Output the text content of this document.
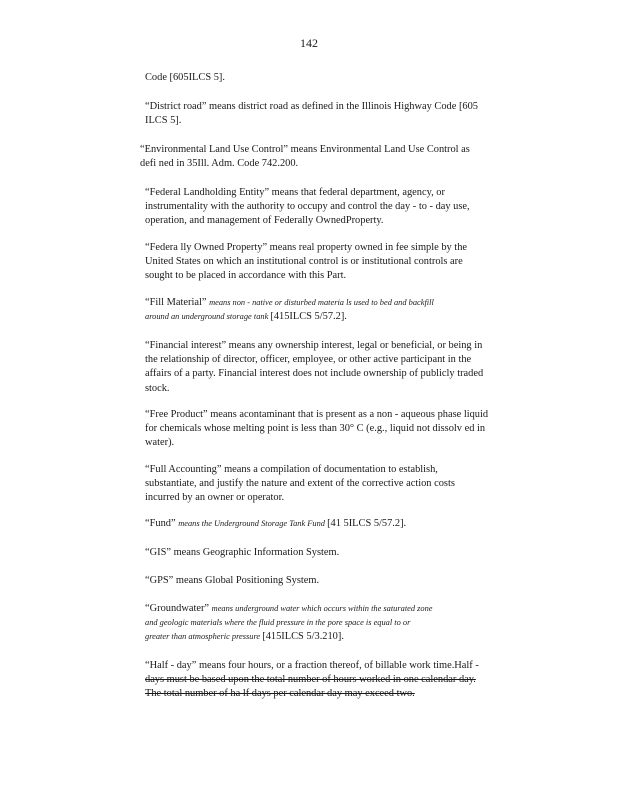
142

Code [605ILCS 5].

“District road” means district road as defined in the Illinois Highway Code [605
ILCS 5].

“Environmental Land Use Control” means Environmental Land Use Control as
defi ned in 35Ill. Adm. Code 742.200.

“Federal Landholding Entity” means that federal department, agency, or
instrumentality with the authority to occupy and control the day - to - day use,
operation, and management of Federally OwnedProperty.

“Federa lly Owned Property” means real property owned in fee simple by the
United States on which an institutional control is or institutional controls are
sought to be placed in accordance with this Part.

“Fill Material” means non - native or disturbed materia ls used to bed and backfill
around an underground storage tank [415ILCS 5/57.2].

“Financial interest” means any ownership interest, legal or beneficial, or being in
the relationship of director, officer, employee, or other active participant in the
affairs of a party. Financial interest does not include ownership of publicly traded
stock.

“Free Product” means acontaminant that is present as a non - aqueous phase liquid
for chemicals whose melting point is less than 30° C (e.g., liquid not dissolv ed in
water).

“Full Accounting” means a compilation of documentation to establish,
substantiate, and justify the nature and extent of the corrective action costs
incurred by an owner or operator.

“Fund” means the Underground Storage Tank Fund [41 5ILCS 5/57.2].

“GIS” means Geographic Information System.

“GPS” means Global Positioning System.

“Groundwater” means underground water which occurs within the saturated zone
and geologic materials where the fluid pressure in the pore space is equal to or
greater than atmospheric pressure [415ILCS 5/3.210].

“Half - day” means four hours, or a fraction thereof, of billable work time.Half -
days must be based upon the total number of hours worked in one calendar day.
The total number of ha lf days per calendar day may exceed two.
